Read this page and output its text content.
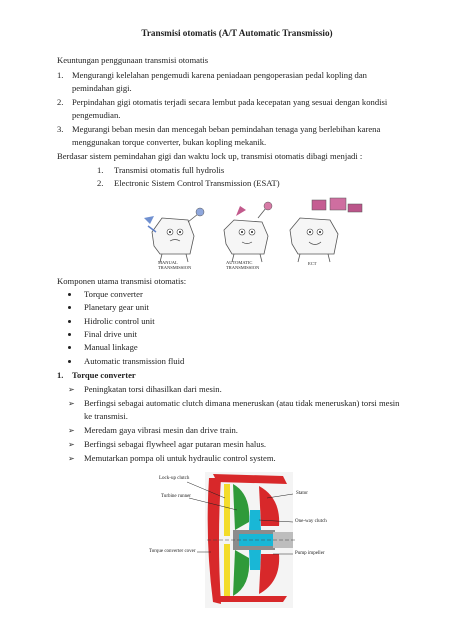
Transmisi otomatis (A/T Automatic Transmissio)
Keuntungan penggunaan transmisi otomatis
1. Mengurangi kelelahan pengemudi karena peniadaan pengoperasian pedal kopling dan
pemindahan gigi.
2. Perpindahan gigi otomatis terjadi secara lembut pada kecepatan yang sesuai dengan kondisi
pengemudian.
3. Megurangi beban mesin dan mencegah beban pemindahan tenaga yang berlebihan karena
menggunakan torque converter, bukan kopling mekanik.
Berdasar sistem pemindahan gigi dan waktu lock up, transmisi otomatis dibagi menjadi :
1. Transmisi otomatis full hydrolis
2. Electronic Sistem Control Transmission (ESAT)
MANUAL TRANSMISSION
AUTOMATIC TRANSMISSION
ECT
Komponen utama transmisi otomatis:
Torque converter
Planetary gear unit
Hidrolic control unit
Final drive unit
Manual linkage
Automatic transmission fluid
1. Torque converter
➢ Peningkatan torsi dihasilkan dari mesin.
➢ Berfingsi sebagai automatic clutch dimana meneruskan (atau tidak meneruskan) torsi mesin
ke transmisi.
➢ Meredam gaya vibrasi mesin dan drive train.
➢ Berfingsi sebagai flywheel agar putaran mesin halus.
➢ Memutarkan pompa oli untuk hydraulic control system.
Lock-up clutch
Turbine runner
Stator
One-way clutch
Torque converter cover	Pump impeller
